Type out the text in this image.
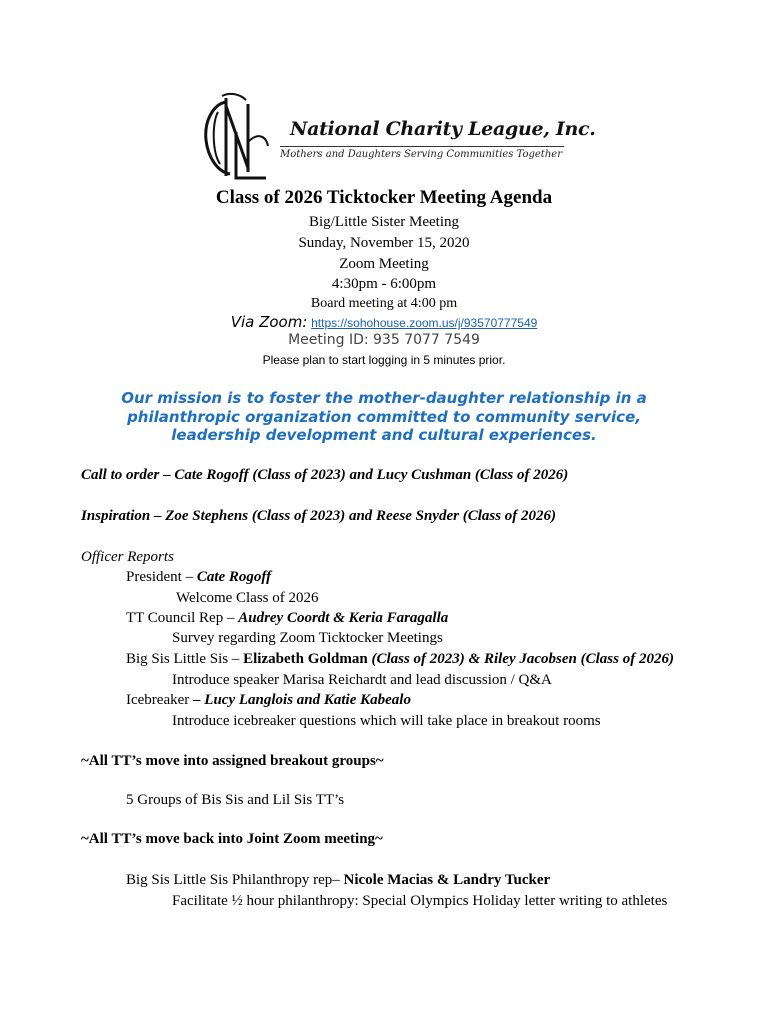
National Charity League, Inc.
Mothers and Daughters Serving Communities Together
Class of 2026 Ticktocker Meeting Agenda
Big/Little Sister Meeting
Sunday, November 15, 2020
Zoom Meeting
4:30pm - 6:00pm
Board meeting at 4:00 pm
Via Zoom: https://sohohouse.zoom.us/j/93570777549
Meeting ID: 935 7077 7549
Please plan to start logging in 5 minutes prior.
Our mission is to foster the mother-daughter relationship in a philanthropic organization committed to community service, leadership development and cultural experiences.
Call to order – Cate Rogoff (Class of 2023) and Lucy Cushman (Class of 2026)
Inspiration – Zoe Stephens (Class of 2023) and Reese Snyder (Class of 2026)
Officer Reports
President – Cate Rogoff
Welcome Class of 2026
TT Council Rep – Audrey Coordt & Keria Faragalla
Survey regarding Zoom Ticktocker Meetings
Big Sis Little Sis – Elizabeth Goldman (Class of 2023) & Riley Jacobsen (Class of 2026)
Introduce speaker Marisa Reichardt and lead discussion / Q&A
Icebreaker – Lucy Langlois and Katie Kabealo
Introduce icebreaker questions which will take place in breakout rooms
~All TT’s move into assigned breakout groups~
5 Groups of Bis Sis and Lil Sis TT’s
~All TT’s move back into Joint Zoom meeting~
Big Sis Little Sis Philanthropy rep– Nicole Macias & Landry Tucker
Facilitate ½ hour philanthropy: Special Olympics Holiday letter writing to athletes
